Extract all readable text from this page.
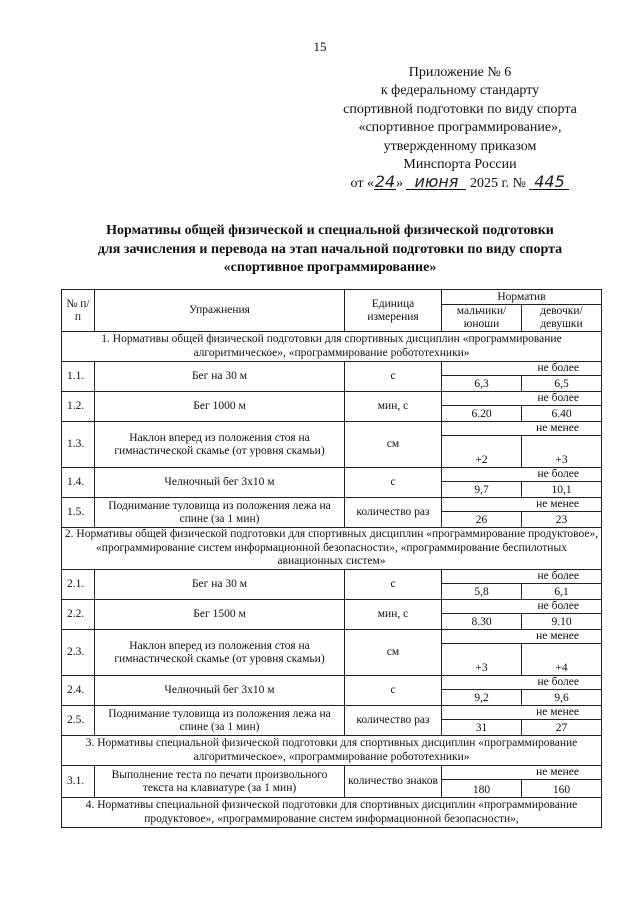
15
Приложение № 6
к федеральному стандарту
спортивной подготовки по виду спорта
«спортивное программирование»,
утвержденному приказом
Минспорта России
от «24» июня 2025 г. № 445
Нормативы общей физической и специальной физической подготовки
для зачисления и перевода на этап начальной подготовки по виду спорта
«спортивное программирование»
№ п/п	Упражнения	Единица измерения	Норматив	
			мальчики/ юноши	девочки/ девушки
1. Нормативы общей физической подготовки для спортивных дисциплин «программирование алгоритмическое», «программирование робототехники»				
1.1.	Бег на 30 м	с	не более	
			6,3	6,5
1.2.	Бег 1000 м	мин, с	не более	
			6.20	6.40
1.3.	Наклон вперед из положения стоя на гимнастической скамье (от уровня скамьи)	см	не менее	
			+2	+3
1.4.	Челночный бег 3x10 м	с	не более	
			9,7	10,1
1.5.	Поднимание туловища из положения лежа на спине (за 1 мин)	количество раз	не менее	
			26	23
2. Нормативы общей физической подготовки для спортивных дисциплин «программирование продуктовое», «программирование систем информационной безопасности», «программирование беспилотных авиационных систем»				
2.1.	Бег на 30 м	с	не более	
			5,8	6,1
2.2.	Бег 1500 м	мин, с	не более	
			8.30	9.10
2.3.	Наклон вперед из положения стоя на гимнастической скамье (от уровня скамьи)	см	не менее	
			+3	+4
2.4.	Челночный бег 3x10 м	с	не более	
			9,2	9,6
2.5.	Поднимание туловища из положения лежа на спине (за 1 мин)	количество раз	не менее	
			31	27
3. Нормативы специальной физической подготовки для спортивных дисциплин «программирование алгоритмическое», «программирование робототехники»				
3.1.	Выполнение теста по печати произвольного текста на клавиатуре (за 1 мин)	количество знаков	не менее	
			180	160
4. Нормативы специальной физической подготовки для спортивных дисциплин «программирование продуктовое», «программирование систем информационной безопасности»,				
